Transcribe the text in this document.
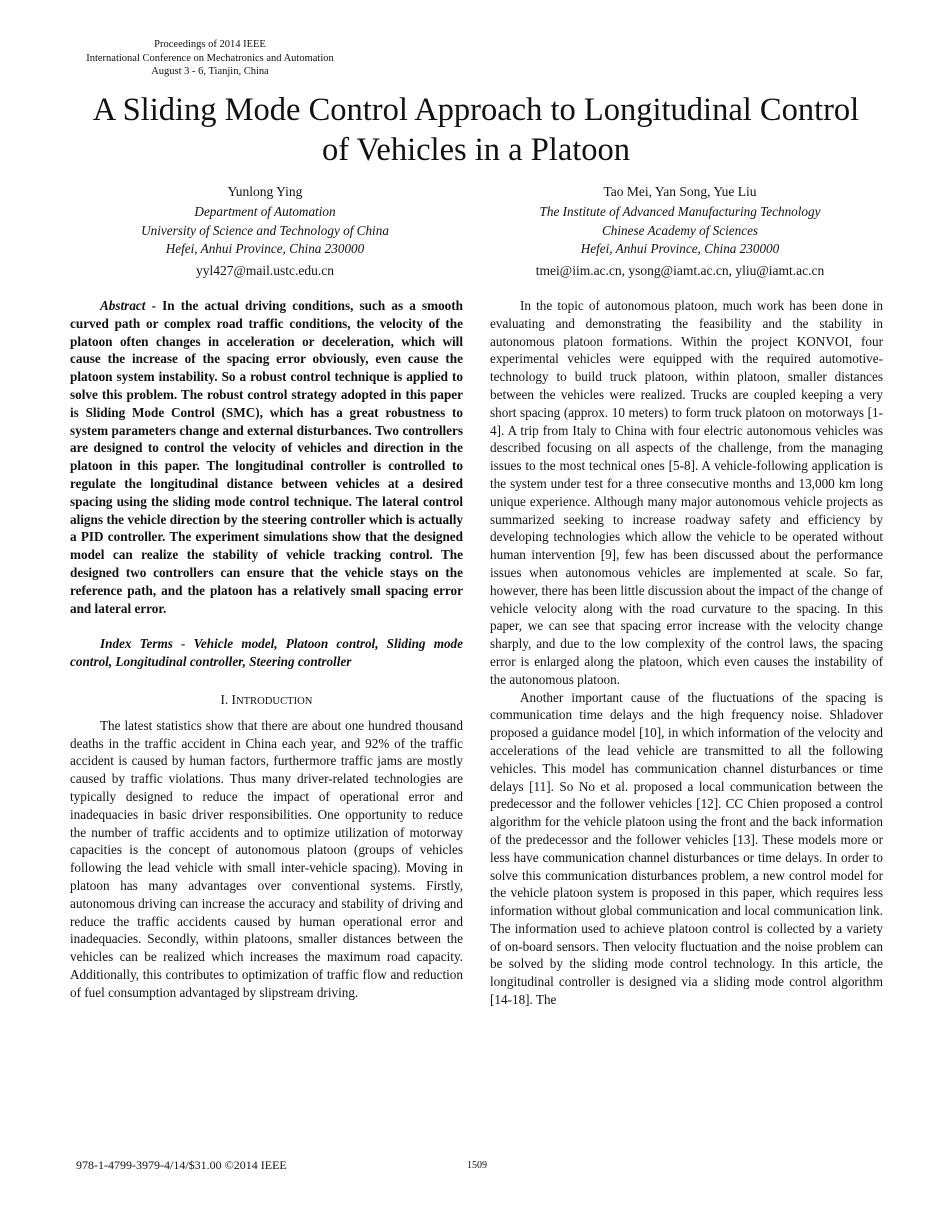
Proceedings of 2014 IEEE
International Conference on Mechatronics and Automation
August 3 - 6, Tianjin, China
A Sliding Mode Control Approach to Longitudinal Control
of Vehicles in a Platoon
Yunlong Ying
Department of Automation
University of Science and Technology of China
Hefei, Anhui Province, China 230000
yyl427@mail.ustc.edu.cn
Tao Mei, Yan Song, Yue Liu
The Institute of Advanced Manufacturing Technology
Chinese Academy of Sciences
Hefei, Anhui Province, China 230000
tmei@iim.ac.cn, ysong@iamt.ac.cn, yliu@iamt.ac.cn

Abstract - In the actual driving conditions, such as a smooth curved path or complex road traffic conditions, the velocity of the platoon often changes in acceleration or deceleration, which will cause the increase of the spacing error obviously, even cause the platoon system instability. So a robust control technique is applied to solve this problem. The robust control strategy adopted in this paper is Sliding Mode Control (SMC), which has a great robustness to system parameters change and external disturbances. Two controllers are designed to control the velocity of vehicles and direction in the platoon in this paper. The longitudinal controller is controlled to regulate the longitudinal distance between vehicles at a desired spacing using the sliding mode control technique. The lateral control aligns the vehicle direction by the steering controller which is actually a PID controller. The experiment simulations show that the designed model can realize the stability of vehicle tracking control. The designed two controllers can ensure that the vehicle stays on the reference path, and the platoon has a relatively small spacing error and lateral error.

Index Terms - Vehicle model, Platoon control, Sliding mode control, Longitudinal controller, Steering controller

I. INTRODUCTION

The latest statistics show that there are about one hundred thousand deaths in the traffic accident in China each year, and 92% of the traffic accident is caused by human factors, furthermore traffic jams are mostly caused by traffic violations. Thus many driver-related technologies are typically designed to reduce the impact of operational error and inadequacies in basic driver responsibilities. One opportunity to reduce the number of traffic accidents and to optimize utilization of motorway capacities is the concept of autonomous platoon (groups of vehicles following the lead vehicle with small inter-vehicle spacing). Moving in platoon has many advantages over conventional systems. Firstly, autonomous driving can increase the accuracy and stability of driving and reduce the traffic accidents caused by human operational error and inadequacies. Secondly, within platoons, smaller distances between the vehicles can be realized which increases the maximum road capacity. Additionally, this contributes to optimization of traffic flow and reduction of fuel consumption advantaged by slipstream driving.

In the topic of autonomous platoon, much work has been done in evaluating and demonstrating the feasibility and the stability in autonomous platoon formations. Within the project KONVOI, four experimental vehicles were equipped with the required automotive-technology to build truck platoon, within platoon, smaller distances between the vehicles were realized. Trucks are coupled keeping a very short spacing (approx. 10 meters) to form truck platoon on motorways [1-4]. A trip from Italy to China with four electric autonomous vehicles was described focusing on all aspects of the challenge, from the managing issues to the most technical ones [5-8]. A vehicle-following application is the system under test for a three consecutive months and 13,000 km long unique experience. Although many major autonomous vehicle projects as summarized seeking to increase roadway safety and efficiency by developing technologies which allow the vehicle to be operated without human intervention [9], few has been discussed about the performance issues when autonomous vehicles are implemented at scale. So far, however, there has been little discussion about the impact of the change of vehicle velocity along with the road curvature to the spacing. In this paper, we can see that spacing error increase with the velocity change sharply, and due to the low complexity of the control laws, the spacing error is enlarged along the platoon, which even causes the instability of the autonomous platoon.

Another important cause of the fluctuations of the spacing is communication time delays and the high frequency noise. Shladover proposed a guidance model [10], in which information of the velocity and accelerations of the lead vehicle are transmitted to all the following vehicles. This model has communication channel disturbances or time delays [11]. So No et al. proposed a local communication between the predecessor and the follower vehicles [12]. CC Chien proposed a control algorithm for the vehicle platoon using the front and the back information of the predecessor and the follower vehicles [13]. These models more or less have communication channel disturbances or time delays. In order to solve this communication disturbances problem, a new control model for the vehicle platoon system is proposed in this paper, which requires less information without global communication and local communication link. The information used to achieve platoon control is collected by a variety of on-board sensors. Then velocity fluctuation and the noise problem can be solved by the sliding mode control technology. In this article, the longitudinal controller is designed via a sliding mode control algorithm [14-18]. The

978-1-4799-3979-4/14/$31.00 ©2014 IEEE	1509
